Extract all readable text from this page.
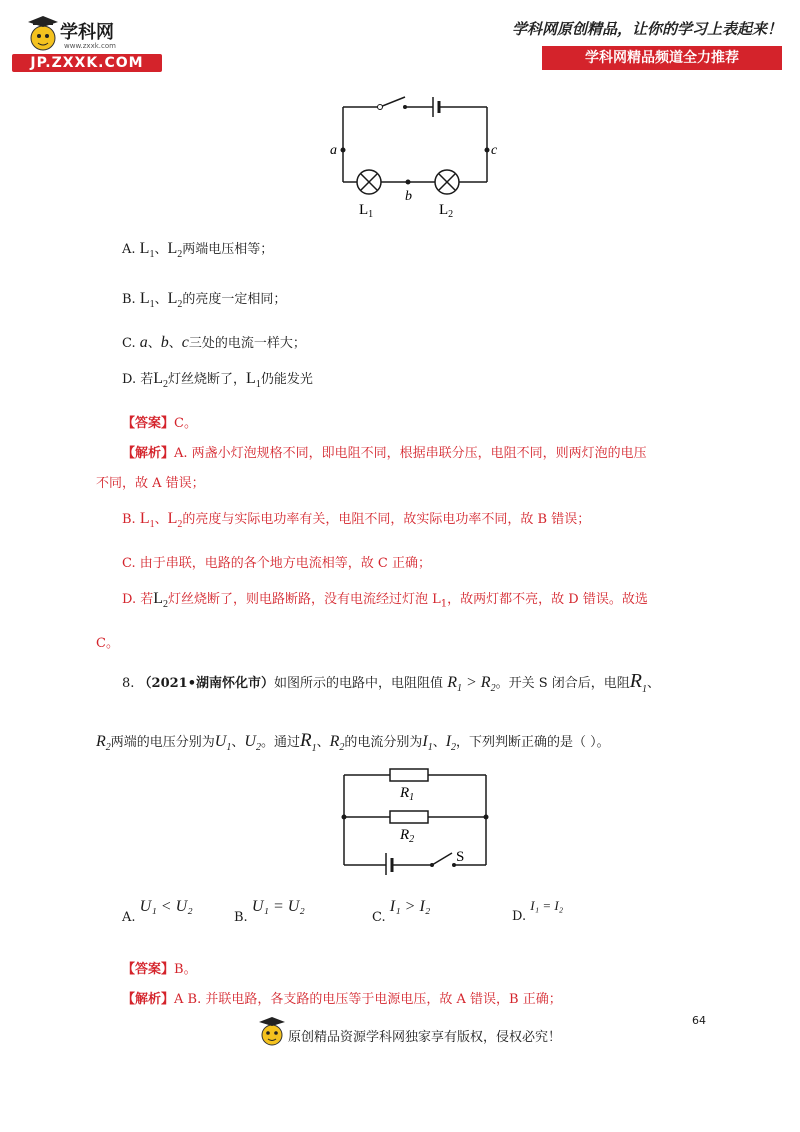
学科网
www.zxxk.com
JP.ZXXK.COM
学科网原创精品，让你的学习上表起来！
学科网精品频道全力推荐
a	c
b
$L_1$	$L_2$
A. $L_1$、$L_2$两端电压相等；
B. $L_1$、$L_2$的亮度一定相同；
C. a、b、c三处的电流一样大；
D. 若$L_2$灯丝烧断了，$L_1$仍能发光
【答案】C。
【解析】A. 两盏小灯泡规格不同，即电阻不同，根据串联分压，电阻不同，则两灯泡的电压
不同，故 A 错误；
B. $L_1$、$L_2$的亮度与实际电功率有关，电阻不同，故实际电功率不同，故 B 错误；
C. 由于串联，电路的各个地方电流相等，故 C 正确；
D. 若$L_2$灯丝烧断了，则电路断路，没有电流经过灯泡 $L_1$，故两灯都不亮，故 D 错误。故选
C。
8. （2021•湖南怀化市）如图所示的电路中，电阻阻值 $R_1 > R_2$。开关 S 闭合后，电阻$R_1$、
$R_2$两端的电压分别为$U_1$、$U_2$。通过$R_1$、$R_2$的电流分别为$I_1$、$I_2$，下列判断正确的是（ ）。
$R_1$
$R_2$
S
A. U₁ < U₂
B. U₁ = U₂
C. I₁ > I₂
D. I₁ = I₂
【答案】B。
【解析】A B. 并联电路，各支路的电压等于电源电压，故 A 错误，B 正确；
64
原创精品资源学科网独家享有版权，侵权必究！
